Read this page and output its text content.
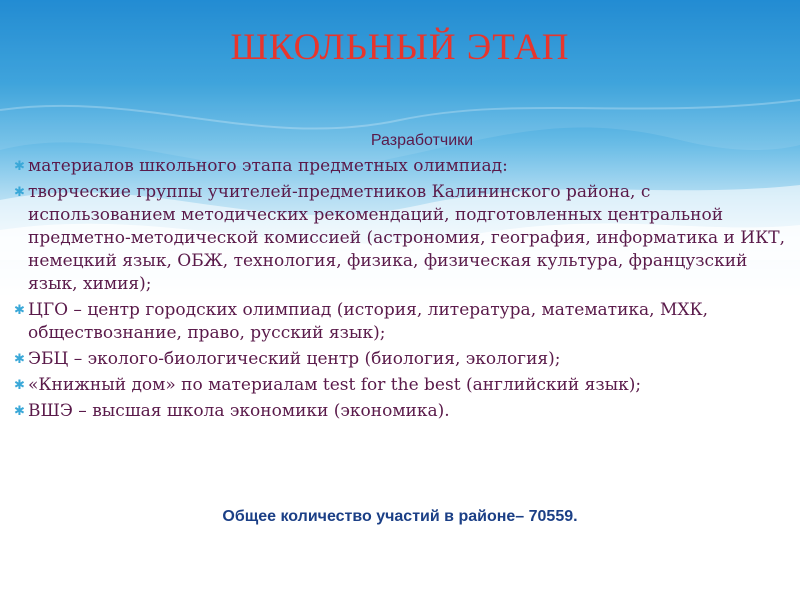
ШКОЛЬНЫЙ ЭТАП
Разработчики
✱ материалов школьного этапа предметных олимпиад:
✱ творческие группы учителей-предметников Калининского района, с использованием методических рекомендаций, подготовленных центральной предметно-методической комиссией (астрономия, география, информатика и ИКТ, немецкий язык, ОБЖ, технология, физика, физическая культура, французский язык, химия);
✱ ЦГО – центр городских олимпиад (история, литература, математика, МХК, обществознание, право, русский язык);
✱ ЭБЦ – эколого-биологический центр (биология, экология);
✱ «Книжный дом» по материалам test for the best (английский язык);
✱ ВШЭ – высшая школа экономики (экономика).
Общее количество участий в районе– 70559.
